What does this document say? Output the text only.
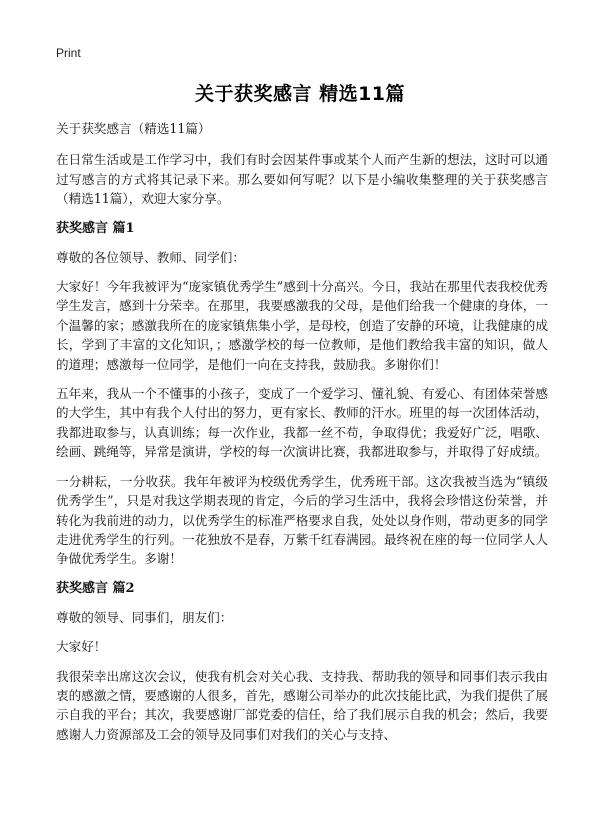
Print
关于获奖感言 精选11篇

关于获奖感言（精选11篇）

在日常生活或是工作学习中，我们有时会因某件事或某个人而产生新的想法，这时可以通过写感言的方式将其记录下来。那么要如何写呢？以下是小编收集整理的关于获奖感言（精选11篇），欢迎大家分享。

获奖感言 篇1

尊敬的各位领导、教师、同学们：

大家好！今年我被评为“庞家镇优秀学生”感到十分高兴。今日，我站在那里代表我校优秀学生发言，感到十分荣幸。在那里，我要感激我的父母，是他们给我一个健康的身体，一个温馨的家；感激我所在的庞家镇焦集小学，是母校，创造了安静的环境，让我健康的成长，学到了丰富的文化知识，；感激学校的每一位教师，是他们教给我丰富的知识，做人的道理；感激每一位同学，是他们一向在支持我，鼓励我。多谢你们！

五年来，我从一个不懂事的小孩子，变成了一个爱学习、懂礼貌、有爱心、有团体荣誉感的大学生，其中有我个人付出的努力，更有家长、教师的汗水。班里的每一次团体活动，我都进取参与，认真训练；每一次作业，我都一丝不苟，争取得优；我爱好广泛，唱歌、绘画、跳绳等，异常是演讲，学校的每一次演讲比赛，我都进取参与，并取得了好成绩。

一分耕耘，一分收获。我年年被评为校级优秀学生，优秀班干部。这次我被当选为“镇级优秀学生”，只是对我这学期表现的肯定，今后的学习生活中，我将会珍惜这份荣誉，并转化为我前进的动力，以优秀学生的标准严格要求自我，处处以身作则，带动更多的同学走进优秀学生的行列。一花独放不是春，万紫千红春满园。最终祝在座的每一位同学人人争做优秀学生。多谢！

获奖感言 篇2

尊敬的领导、同事们，朋友们：

大家好！

我很荣幸出席这次会议，使我有机会对关心我、支持我、帮助我的领导和同事们表示我由衷的感激之情，要感谢的人很多，首先，感谢公司举办的此次技能比武，为我们提供了展示自我的平台；其次，我要感谢厂部党委的信任，给了我们展示自我的机会；然后，我要感谢人力资源部及工会的领导及同事们对我们的关心与支持、
